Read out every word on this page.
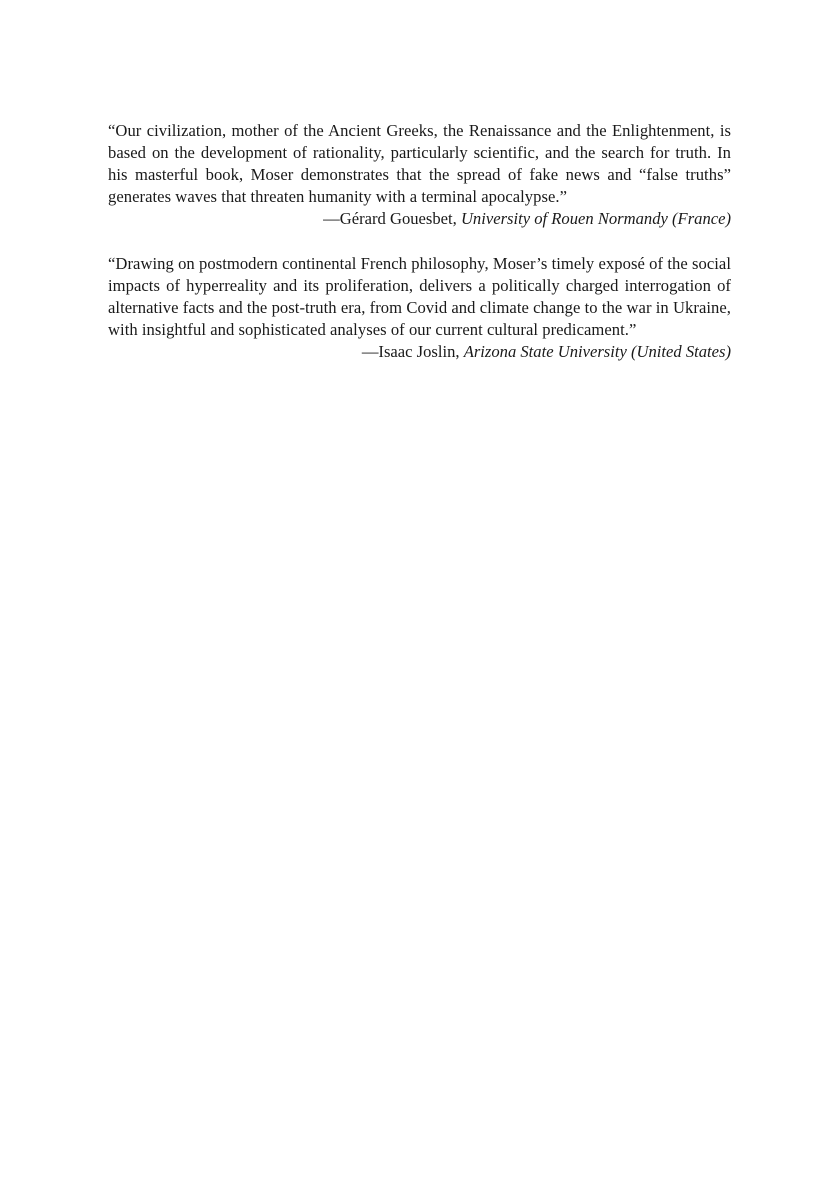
“Our civilization, mother of the Ancient Greeks, the Renaissance and the Enlightenment, is based on the development of rationality, particularly scientific, and the search for truth. In his masterful book, Moser demonstrates that the spread of fake news and “false truths” generates waves that threaten humanity with a terminal apocalypse.”

—Gérard Gouesbet, University of Rouen Normandy (France)

“Drawing on postmodern continental French philosophy, Moser’s timely exposé of the social impacts of hyperreality and its proliferation, delivers a politically charged interrogation of alternative facts and the post-truth era, from Covid and climate change to the war in Ukraine, with insightful and sophisticated analyses of our current cultural predicament.”

—Isaac Joslin, Arizona State University (United States)
